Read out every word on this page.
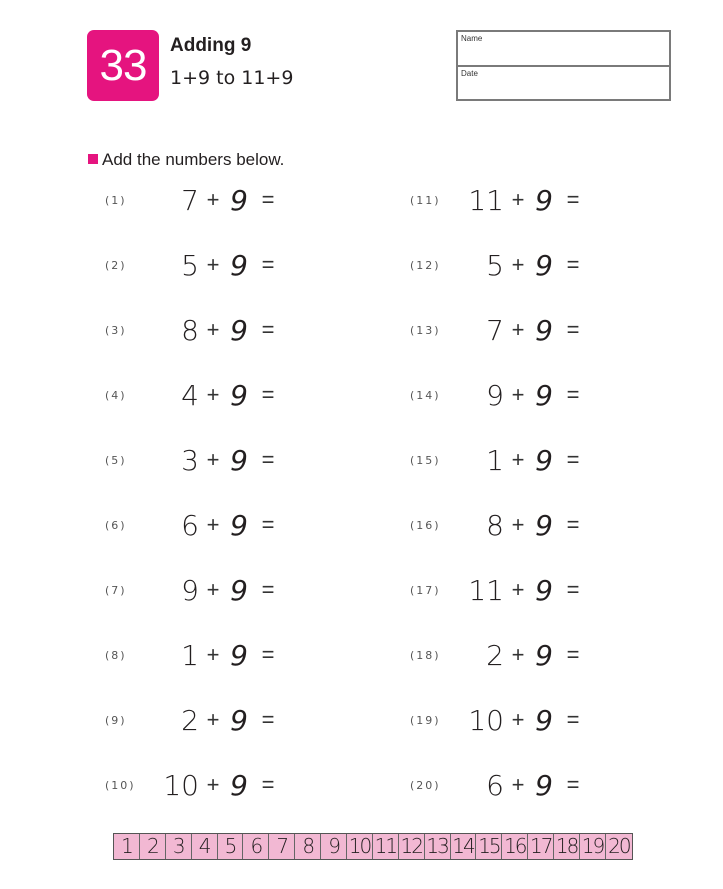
33	Adding 9
1+9 to 11+9
Name
Date
Add the numbers below.
(1)	7 + 9 =
(2)	5 + 9 =
(3)	8 + 9 =
(4)	4 + 9 =
(5)	3 + 9 =
(6)	6 + 9 =
(7)	9 + 9 =
(8)	1 + 9 =
(9)	2 + 9 =
(10) 10 + 9 =
(11) 11 + 9 =
(12)	5 + 9 =
(13)	7 + 9 =
(14)	9 + 9 =
(15)	1 + 9 =
(16)	8 + 9 =
(17) 11 + 9 =
(18)	2 + 9 =
(19) 10 + 9 =
(20)	6 + 9 =
1 2 3 4 5 6 7 8 9 10 11 12 13 14 15 16 17 18 19 20
